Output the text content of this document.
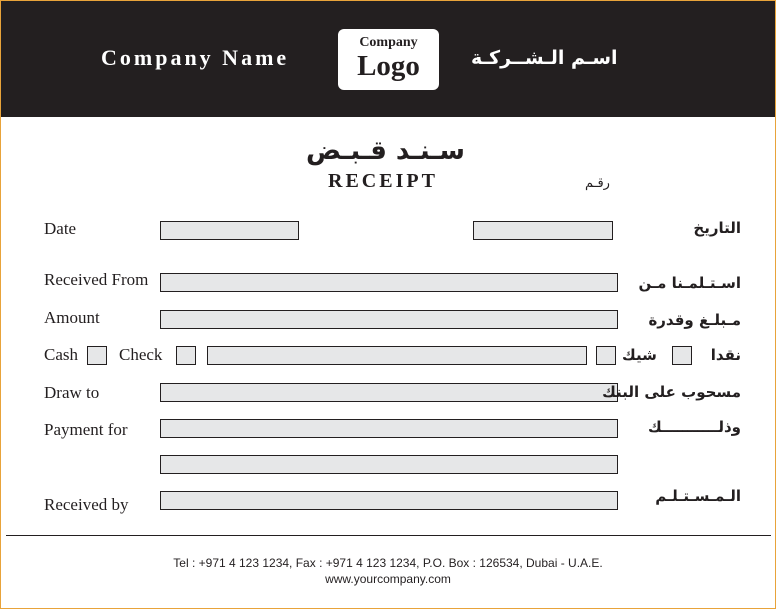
Company Name
Company
Logo	اسـم الـشــركـة
سـنـد قـبـض
RECEIPT	رقـم
Date	التاريخ
Received From	اسـتـلمـنا مـن
Amount	مـبلـغ وقدرة
Cash Check	شيك	نقدا
Draw to	مسحوب على البنك
Payment for	وذلـــــــــــك
Received by	الـمـسـتـلـم
Tel : +971 4 123 1234, Fax : +971 4 123 1234, P.O. Box : 126534, Dubai - U.A.E.
www.yourcompany.com
